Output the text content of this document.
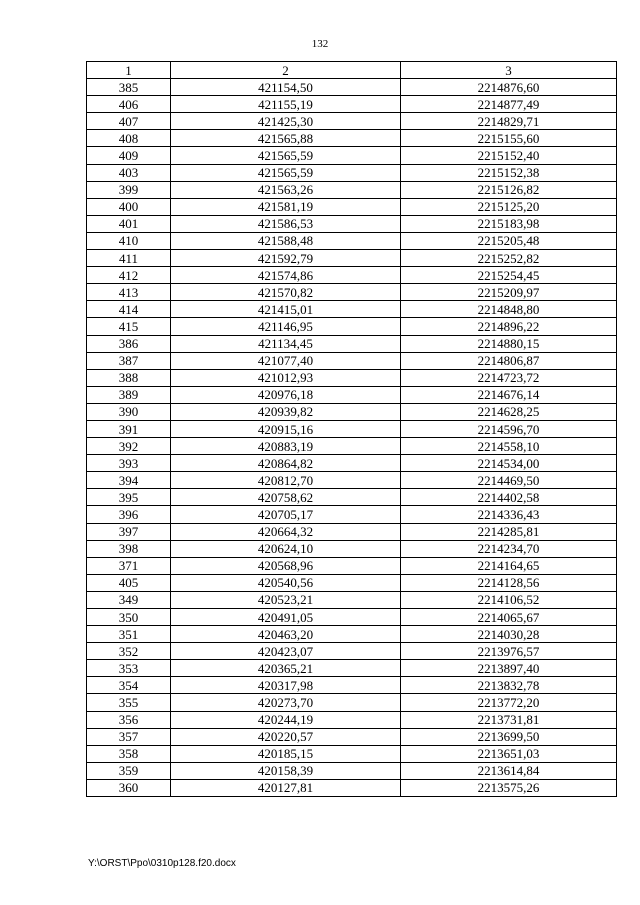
132
1	2	3
385	421154,50	2214876,60
406	421155,19	2214877,49
407	421425,30	2214829,71
408	421565,88	2215155,60
409	421565,59	2215152,40
403	421565,59	2215152,38
399	421563,26	2215126,82
400	421581,19	2215125,20
401	421586,53	2215183,98
410	421588,48	2215205,48
411	421592,79	2215252,82
412	421574,86	2215254,45
413	421570,82	2215209,97
414	421415,01	2214848,80
415	421146,95	2214896,22
386	421134,45	2214880,15
387	421077,40	2214806,87
388	421012,93	2214723,72
389	420976,18	2214676,14
390	420939,82	2214628,25
391	420915,16	2214596,70
392	420883,19	2214558,10
393	420864,82	2214534,00
394	420812,70	2214469,50
395	420758,62	2214402,58
396	420705,17	2214336,43
397	420664,32	2214285,81
398	420624,10	2214234,70
371	420568,96	2214164,65
405	420540,56	2214128,56
349	420523,21	2214106,52
350	420491,05	2214065,67
351	420463,20	2214030,28
352	420423,07	2213976,57
353	420365,21	2213897,40
354	420317,98	2213832,78
355	420273,70	2213772,20
356	420244,19	2213731,81
357	420220,57	2213699,50
358	420185,15	2213651,03
359	420158,39	2213614,84
360	420127,81	2213575,26
Y:\ORST\Ppo\0310p128.f20.docx
